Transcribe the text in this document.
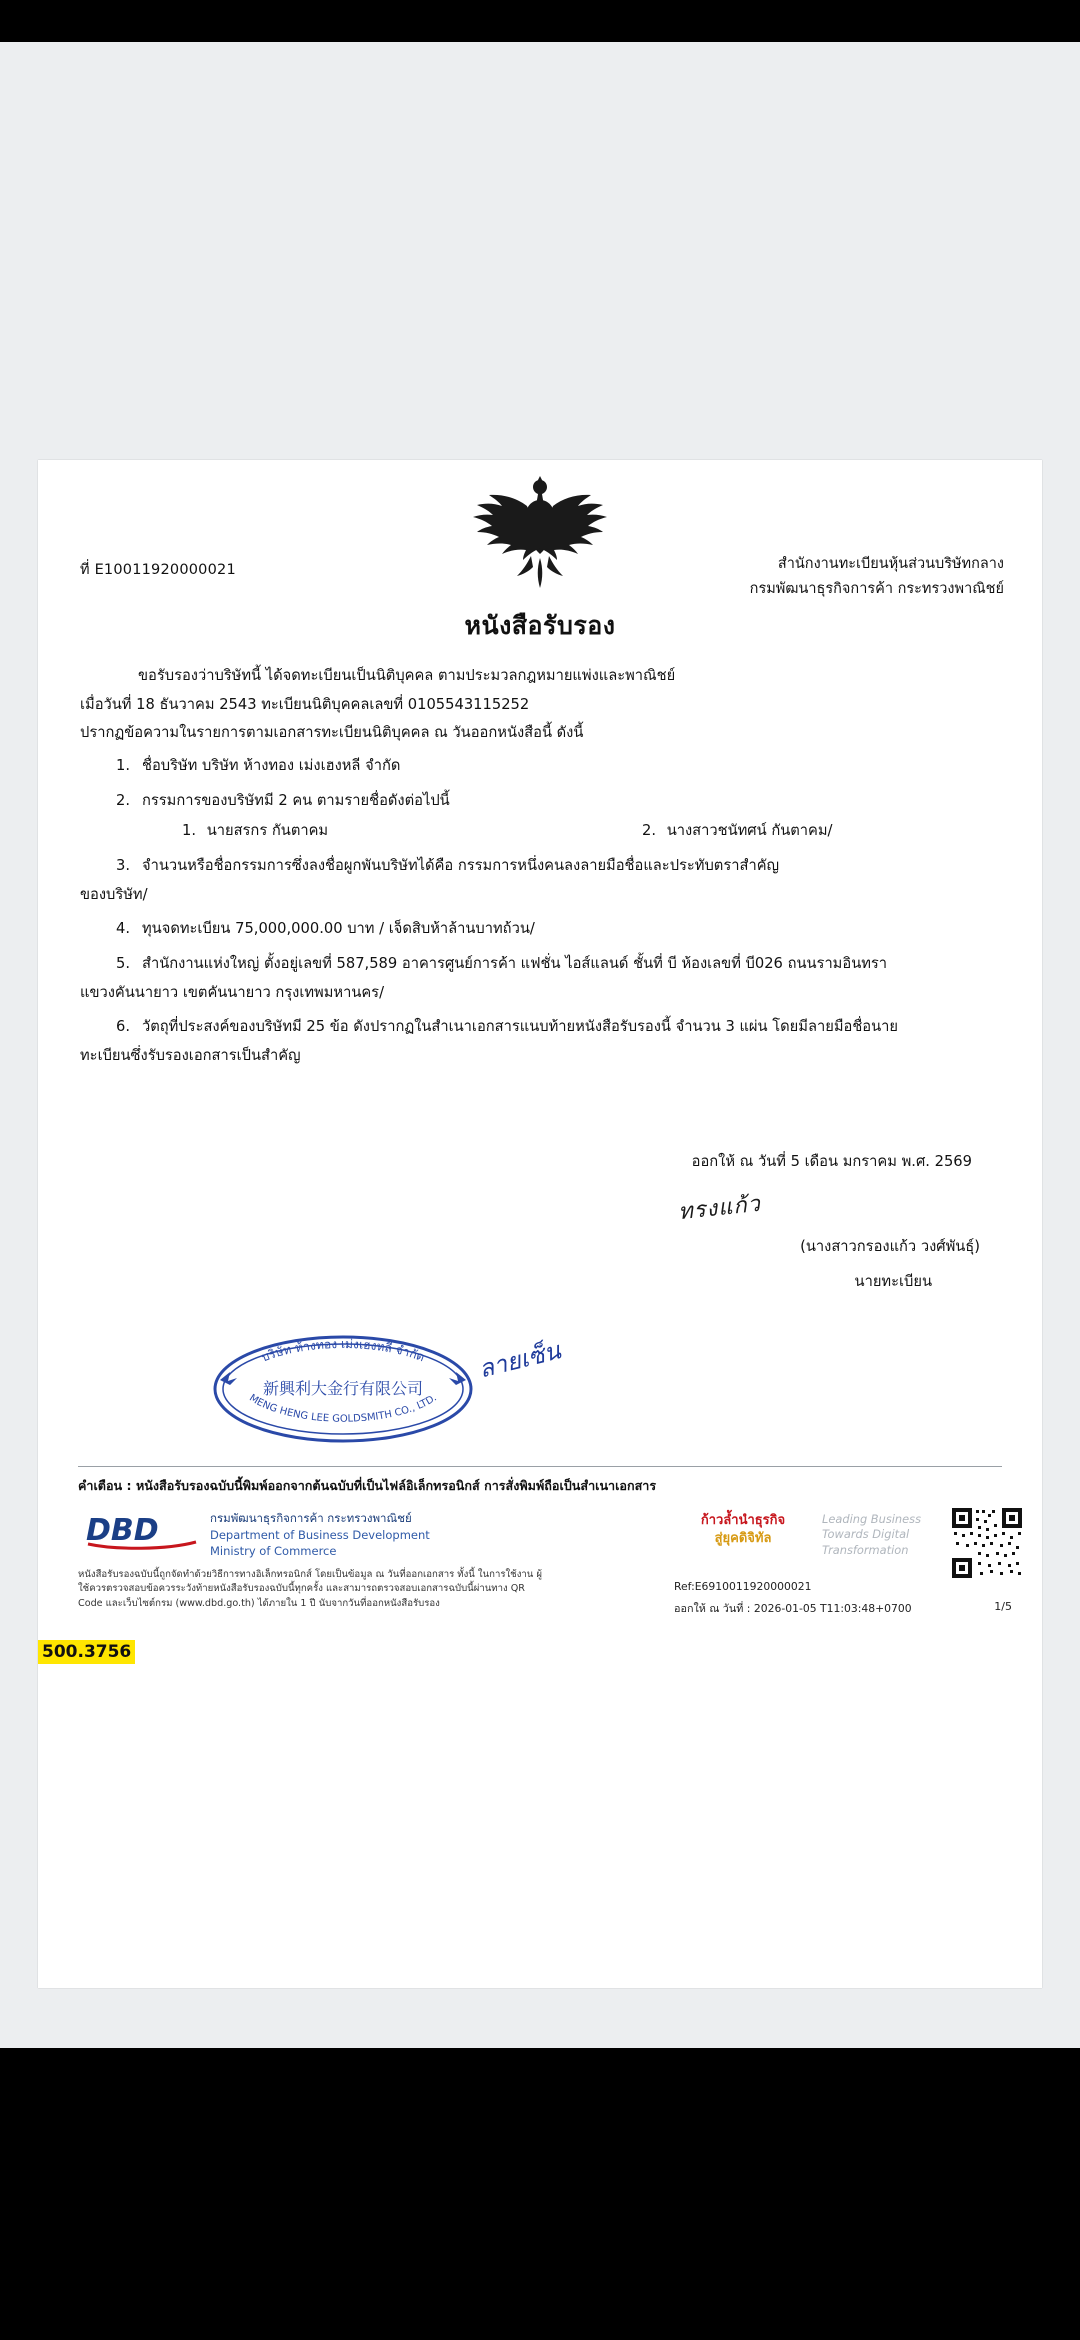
ที่ E10011920000021	สำนักงานทะเบียนหุ้นส่วนบริษัทกลาง
กรมพัฒนาธุรกิจการค้า กระทรวงพาณิชย์
หนังสือรับรอง
ขอรับรองว่าบริษัทนี้ ได้จดทะเบียนเป็นนิติบุคคล ตามประมวลกฎหมายแพ่งและพาณิชย์
เมื่อวันที่ 18 ธันวาคม 2543 ทะเบียนนิติบุคคลเลขที่ 0105543115252
ปรากฏข้อความในรายการตามเอกสารทะเบียนนิติบุคคล ณ วันออกหนังสือนี้ ดังนี้
ชื่อบริษัท บริษัท ห้างทอง เม่งเฮงหลี จำกัด
กรรมการของบริษัทมี 2 คน ตามรายชื่อดังต่อไปนี้
1. นายสรกร กันตาคม	2. นางสาวชนัทศน์ กันตาคม/
จำนวนหรือชื่อกรรมการซึ่งลงชื่อผูกพันบริษัทได้คือ กรรมการหนึ่งคนลงลายมือชื่อและประทับตราสำคัญ
ของบริษัท/
ทุนจดทะเบียน 75,000,000.00 บาท / เจ็ดสิบห้าล้านบาทถ้วน/
สำนักงานแห่งใหญ่ ตั้งอยู่เลขที่ 587,589 อาคารศูนย์การค้า แฟชั่น ไอส์แลนด์ ชั้นที่ บี ห้องเลขที่ บี026 ถนนรามอินทรา
แขวงคันนายาว เขตคันนายาว กรุงเทพมหานคร/
วัตถุที่ประสงค์ของบริษัทมี 25 ข้อ ดังปรากฏในสำเนาเอกสารแนบท้ายหนังสือรับรองนี้ จำนวน 3 แผ่น โดยมีลายมือชื่อนาย
ทะเบียนซึ่งรับรองเอกสารเป็นสำคัญ
ออกให้ ณ วันที่ 5 เดือน มกราคม พ.ศ. 2569
ทรงแก้ว
(นางสาวกรองแก้ว วงศ์พันธุ์)
นายทะเบียน
บริษัท ห้างทอง เม่งเฮงหลี จำกัด
新興利大金行有限公司
MENG HENG LEE GOLDSMITH CO., LTD.
ลายเซ็น
คำเตือน : หนังสือรับรองฉบับนี้พิมพ์ออกจากต้นฉบับที่เป็นไฟล์อิเล็กทรอนิกส์ การสั่งพิมพ์ถือเป็นสำเนาเอกสาร
DBD	กรมพัฒนาธุรกิจการค้า กระทรวงพาณิชย์
Department of Business Development
Ministry of Commerce
หนังสือรับรองฉบับนี้ถูกจัดทำด้วยวิธีการทางอิเล็กทรอนิกส์ โดยเป็นข้อมูล ณ วันที่ออกเอกสาร ทั้งนี้ ในการใช้งาน ผู้ใช้ควรตรวจสอบข้อควรระวังท้ายหนังสือรับรองฉบับนี้ทุกครั้ง และสามารถตรวจสอบเอกสารฉบับนี้ผ่านทาง QR Code และเว็บไซต์กรม (www.dbd.go.th) ได้ภายใน 1 ปี นับจากวันที่ออกหนังสือรับรอง
ก้าวล้ำนำธุรกิจ
สู่ยุคดิจิทัล
Leading Business
Towards Digital
Transformation
Ref:E6910011920000021
ออกให้ ณ วันที่ : 2026-01-05 T11:03:48+0700	1/5
500.3756
